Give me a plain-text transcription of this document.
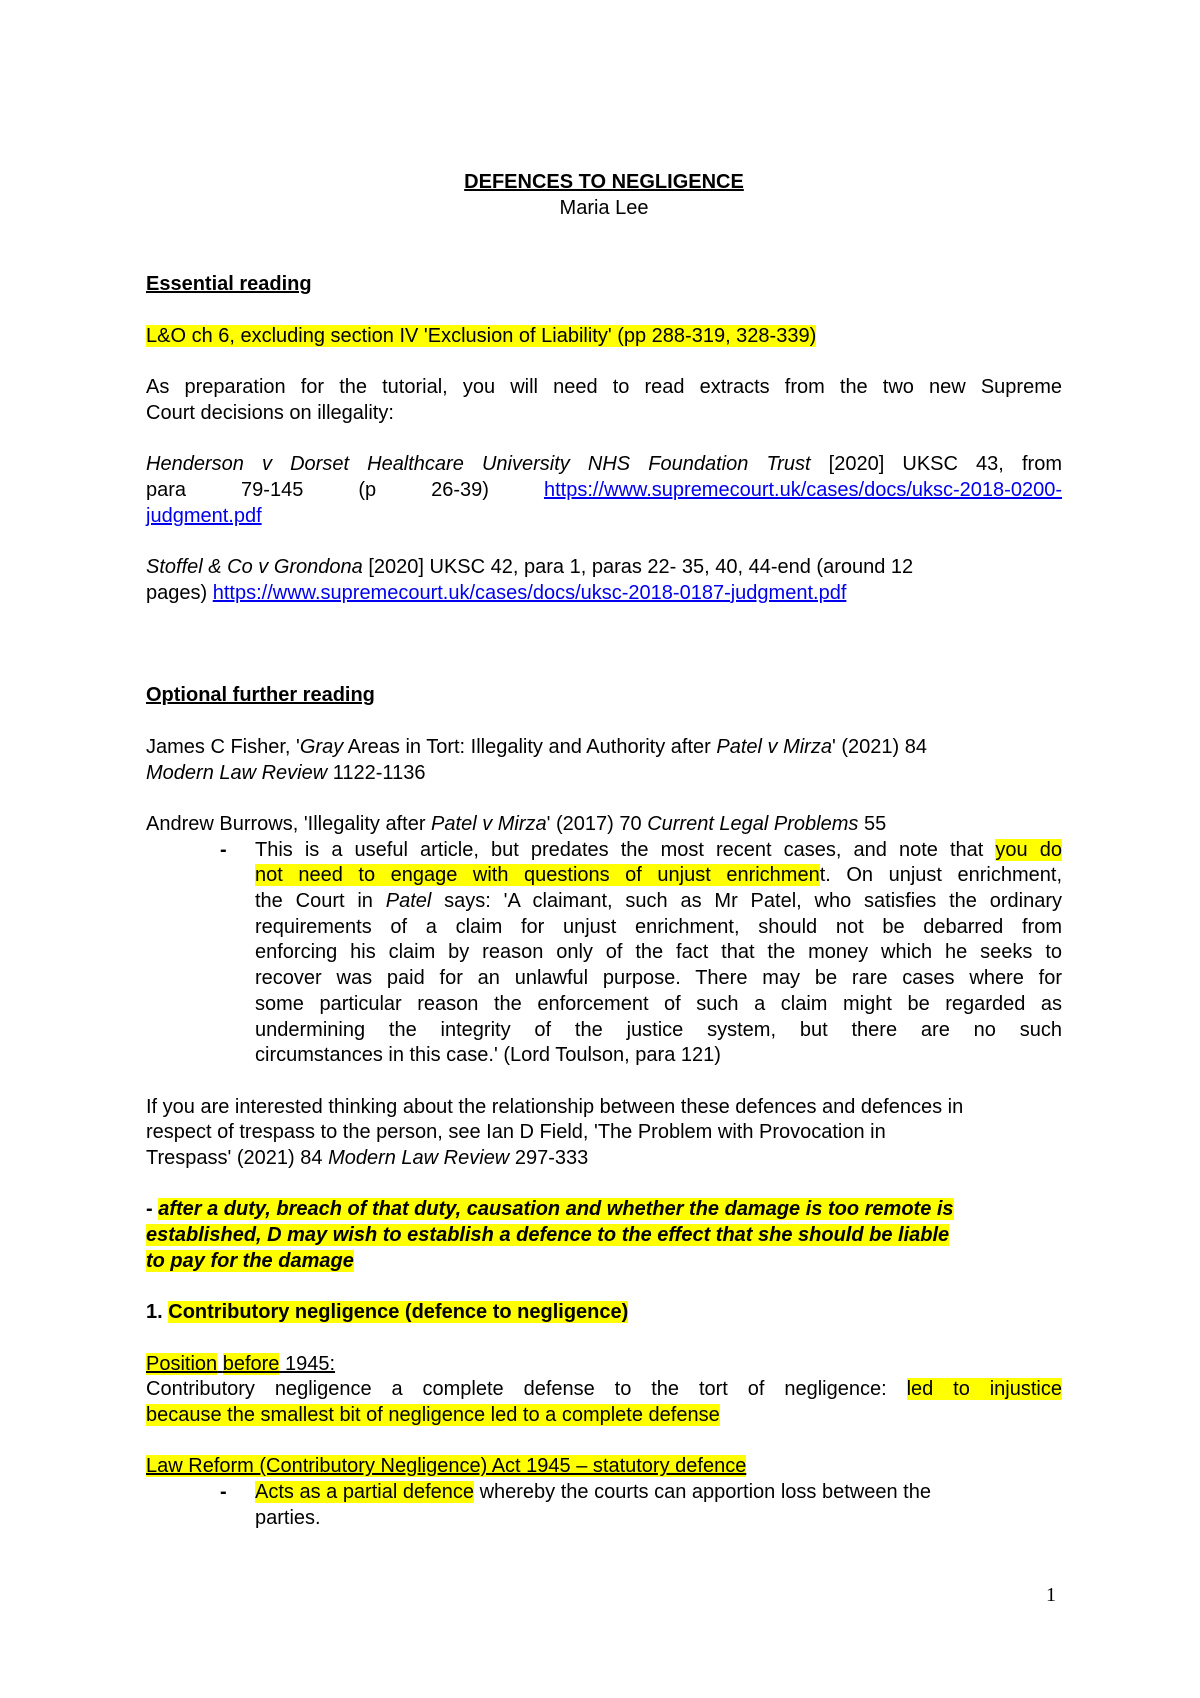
DEFENCES TO NEGLIGENCE
Maria Lee

Essential reading

L&O ch 6, excluding section IV 'Exclusion of Liability' (pp 288-319, 328-339)

As preparation for the tutorial, you will need to read extracts from the two new Supreme
Court decisions on illegality:

Henderson v Dorset Healthcare University NHS Foundation Trust [2020] UKSC 43, from
para 79-145 (p 26-39) https://www.supremecourt.uk/cases/docs/uksc-2018-0200-
judgment.pdf

Stoffel & Co v Grondona [2020] UKSC 42, para 1, paras 22- 35, 40, 44-end (around 12
pages) https://www.supremecourt.uk/cases/docs/uksc-2018-0187-judgment.pdf

Optional further reading

James C Fisher, 'Gray Areas in Tort: Illegality and Authority after Patel v Mirza' (2021) 84
Modern Law Review 1122-1136

Andrew Burrows, 'Illegality after Patel v Mirza' (2017) 70 Current Legal Problems 55

- This is a useful article, but predates the most recent cases, and note that you do
not need to engage with questions of unjust enrichment. On unjust enrichment,
the Court in Patel says: 'A claimant, such as Mr Patel, who satisfies the ordinary
requirements of a claim for unjust enrichment, should not be debarred from
enforcing his claim by reason only of the fact that the money which he seeks to
recover was paid for an unlawful purpose. There may be rare cases where for
some particular reason the enforcement of such a claim might be regarded as
undermining the integrity of the justice system, but there are no such
circumstances in this case.' (Lord Toulson, para 121)

If you are interested thinking about the relationship between these defences and defences in
respect of trespass to the person, see Ian D Field, 'The Problem with Provocation in
Trespass' (2021) 84 Modern Law Review 297-333

- after a duty, breach of that duty, causation and whether the damage is too remote is
established, D may wish to establish a defence to the effect that she should be liable
to pay for the damage

1. Contributory negligence (defence to negligence)

Position before 1945:

Contributory negligence a complete defense to the tort of negligence: led to injustice
because the smallest bit of negligence led to a complete defense

Law Reform (Contributory Negligence) Act 1945 – statutory defence

- Acts as a partial defence whereby the courts can apportion loss between the
parties.
1
